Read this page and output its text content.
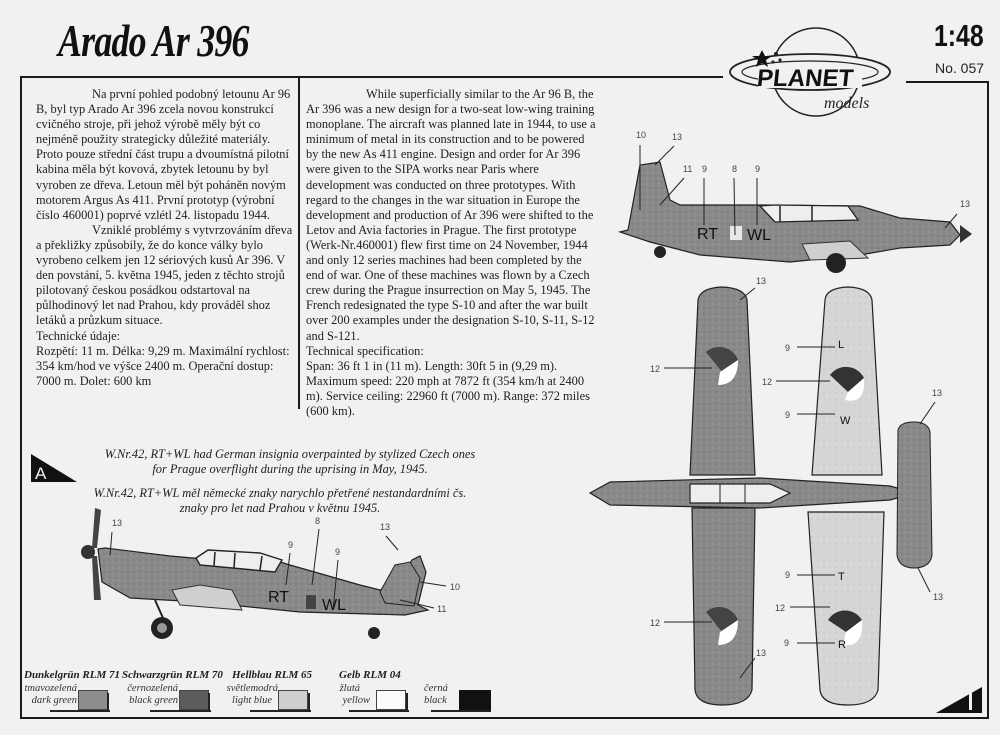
Arado Ar 396
PLANET
models
1:48
No. 057

Na první pohled podobný letounu Ar 96 B, byl typ Arado Ar 396 zcela novou konstrukcí cvičného stroje, při jehož výrobě měly být co nejméně použity strategicky důležité materiály. Proto pouze střední část trupu a dvoumístná pilotní kabina měla být kovová, zbytek letounu by byl vyroben ze dřeva. Letoun měl být poháněn novým motorem Argus As 411. První prototyp (výrobní číslo 460001) poprvé vzlétl 24. listopadu 1944.

Vzniklé problémy s vytvrzováním dřeva a překližky způsobily, že do konce války bylo vyrobeno celkem jen 12 sériových kusů Ar 396. V den povstání, 5. května 1945, jeden z těchto strojů pilotovaný českou posádkou odstartoval na půlhodinový let nad Prahou, kdy prováděl shoz letáků a průzkum situace.

Technické údaje:

Rozpětí: 11 m. Délka: 9,29 m. Maximální rychlost: 354 km/hod ve výšce 2400 m. Operační dostup: 7000 m. Dolet: 600 km

While superficially similar to the Ar 96 B, the Ar 396 was a new design for a two-seat low-wing training monoplane. The aircraft was planned late in 1944, to use a minimum of metal in its construction and to be powered by the new As 411 engine. Design and order for Ar 396 were given to the SIPA works near Paris where development was conducted on three prototypes. With regard to the changes in the war situation in Europe the development and production of Ar 396 were shifted to the Letov and Avia factories in Prague. The first prototype (Werk-Nr.460001) flew first time on 24 November, 1944 and only 12 series machines had been completed by the end of war. One of these machines was flown by a Czech crew during the Prague insurrection on May 5, 1945. The French redesignated the type S-10 and after the war built over 200 examples under the designation S-10, S-11, S-12 and S-121.

Technical specification:

Span: 36 ft 1 in (11 m). Length: 30ft 5 in (9,29 m). Maximum speed: 220 mph at 7872 ft (354 km/h at 2400 m). Service ceiling: 22960 ft (7000 m). Range: 372 miles (600 km).

A
W.Nr.42, RT+WL had German insignia overpainted by stylized Czech ones for Prague overflight during the uprising in May, 1945.
W.Nr.42, RT+WL měl německé znaky narychlo přetřené nestandardními čs. znaky pro let nad Prahou v květnu 1945.
RT WL
13
9
8
9
13
10
11
RT WL
10	13
11 9	8 9
13
13
12
13
12
13
13
W
L
T
R
9
12
9
9
12
9
Dunkelgrün RLM 71
tmavozelená
dark green
Schwarzgrün RLM 70
černozelená
black green
Hellblau RLM 65
světlemodrá
light blue
Gelb RLM 04
žlutá
yellow
černá
black
